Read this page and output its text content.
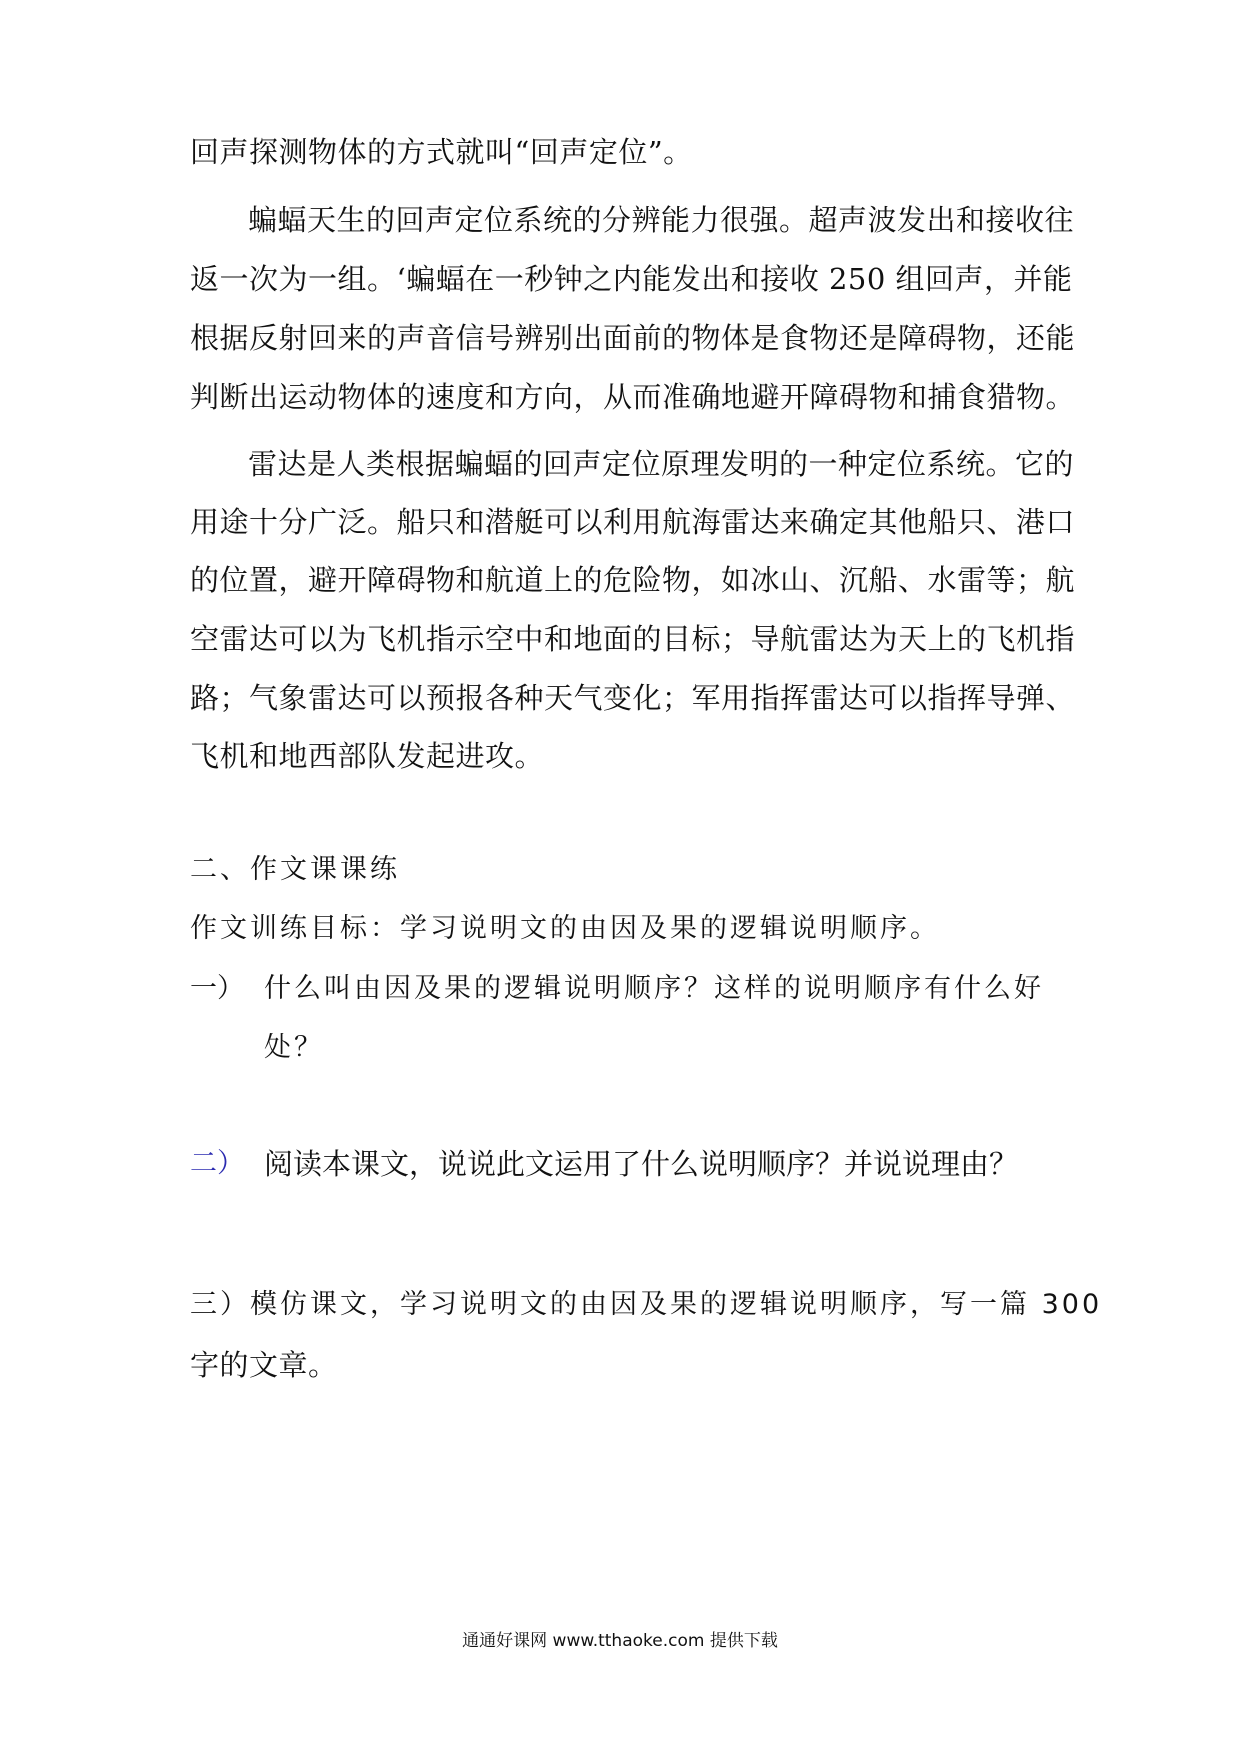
回声探测物体的方式就叫“回声定位”。
蝙蝠天生的回声定位系统的分辨能力很强。超声波发出和接收往
返一次为一组。‘蝙蝠在一秒钟之内能发出和接收 250 组回声，并能
根据反射回来的声音信号辨别出面前的物体是食物还是障碍物，还能
判断出运动物体的速度和方向，从而准确地避开障碍物和捕食猎物。
雷达是人类根据蝙蝠的回声定位原理发明的一种定位系统。它的
用途十分广泛。船只和潜艇可以利用航海雷达来确定其他船只、港口
的位置，避开障碍物和航道上的危险物，如冰山、沉船、水雷等；航
空雷达可以为飞机指示空中和地面的目标；导航雷达为天上的飞机指
路；气象雷达可以预报各种天气变化；军用指挥雷达可以指挥导弹、
飞机和地西部队发起进攻。
二、作文课课练
作文训练目标：学习说明文的由因及果的逻辑说明顺序。
一） 什么叫由因及果的逻辑说明顺序？这样的说明顺序有什么好
处？
二） 阅读本课文，说说此文运用了什么说明顺序？并说说理由？
三）模仿课文，学习说明文的由因及果的逻辑说明顺序，写一篇 300
字的文章。
通通好课网 www.tthaoke.com 提供下载
